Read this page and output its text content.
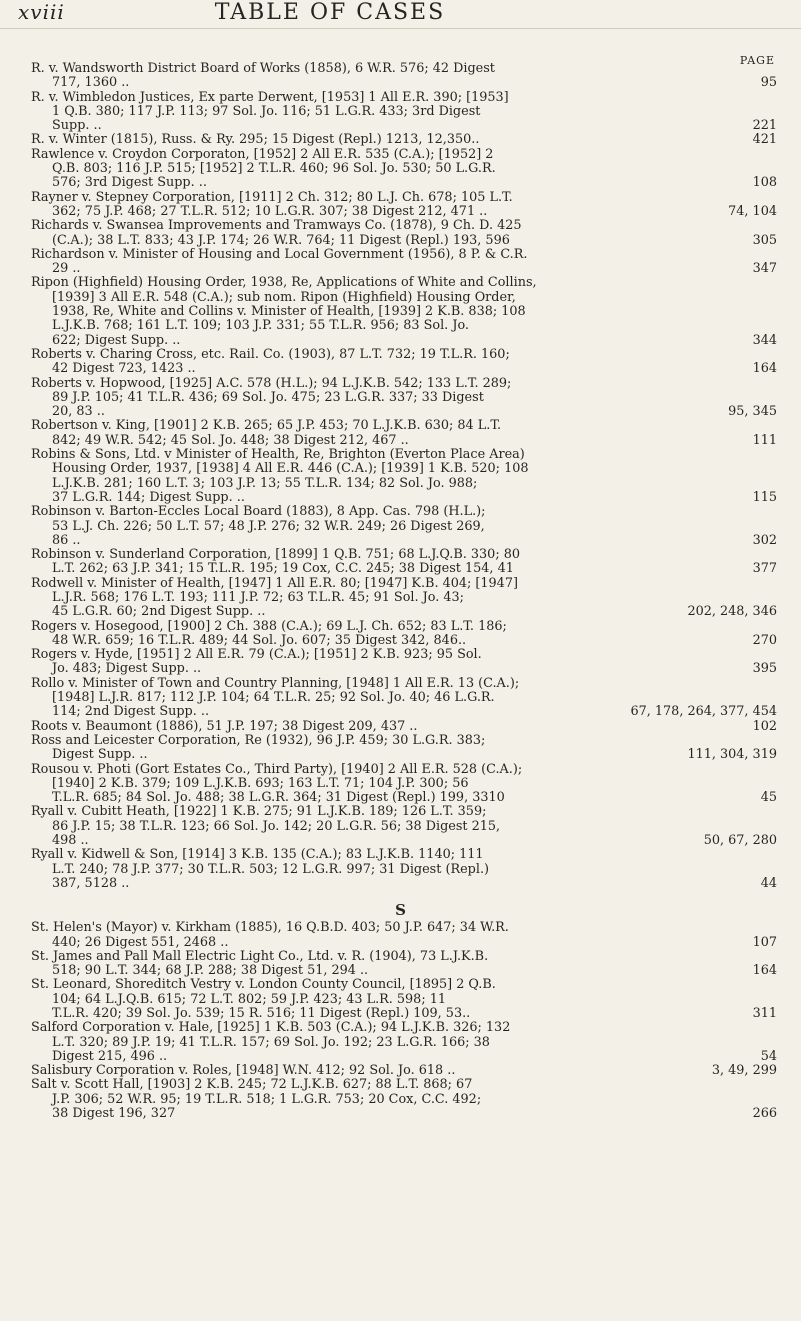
xviii	TABLE OF CASES
PAGE
R. v. Wandsworth District Board of Works (1858), 6 W.R. 576; 42 Digest
717, 1360 ..	95
R. v. Wimbledon Justices, Ex parte Derwent, [1953] 1 All E.R. 390; [1953]
1 Q.B. 380; 117 J.P. 113; 97 Sol. Jo. 116; 51 L.G.R. 433; 3rd Digest
Supp. ..	221
R. v. Winter (1815), Russ. & Ry. 295; 15 Digest (Repl.) 1213, 12,350..	421
Rawlence v. Croydon Corporaton, [1952] 2 All E.R. 535 (C.A.); [1952] 2
Q.B. 803; 116 J.P. 515; [1952] 2 T.L.R. 460; 96 Sol. Jo. 530; 50 L.G.R.
576; 3rd Digest Supp. ..	108
Rayner v. Stepney Corporation, [1911] 2 Ch. 312; 80 L.J. Ch. 678; 105 L.T.
362; 75 J.P. 468; 27 T.L.R. 512; 10 L.G.R. 307; 38 Digest 212, 471 ..	74, 104
Richards v. Swansea Improvements and Tramways Co. (1878), 9 Ch. D. 425
(C.A.); 38 L.T. 833; 43 J.P. 174; 26 W.R. 764; 11 Digest (Repl.) 193, 596	305
Richardson v. Minister of Housing and Local Government (1956), 8 P. & C.R.
29 ..	347
Ripon (Highfield) Housing Order, 1938, Re, Applications of White and Collins,
[1939] 3 All E.R. 548 (C.A.); sub nom. Ripon (Highfield) Housing Order,
1938, Re, White and Collins v. Minister of Health, [1939] 2 K.B. 838; 108
L.J.K.B. 768; 161 L.T. 109; 103 J.P. 331; 55 T.L.R. 956; 83 Sol. Jo.
622; Digest Supp. ..	344
Roberts v. Charing Cross, etc. Rail. Co. (1903), 87 L.T. 732; 19 T.L.R. 160;
42 Digest 723, 1423 ..	164
Roberts v. Hopwood, [1925] A.C. 578 (H.L.); 94 L.J.K.B. 542; 133 L.T. 289;
89 J.P. 105; 41 T.L.R. 436; 69 Sol. Jo. 475; 23 L.G.R. 337; 33 Digest
20, 83 ..	95, 345
Robertson v. King, [1901] 2 K.B. 265; 65 J.P. 453; 70 L.J.K.B. 630; 84 L.T.
842; 49 W.R. 542; 45 Sol. Jo. 448; 38 Digest 212, 467 ..	111
Robins & Sons, Ltd. v Minister of Health, Re, Brighton (Everton Place Area)
Housing Order, 1937, [1938] 4 All E.R. 446 (C.A.); [1939] 1 K.B. 520; 108
L.J.K.B. 281; 160 L.T. 3; 103 J.P. 13; 55 T.L.R. 134; 82 Sol. Jo. 988;
37 L.G.R. 144; Digest Supp. ..	115
Robinson v. Barton-Eccles Local Board (1883), 8 App. Cas. 798 (H.L.);
53 L.J. Ch. 226; 50 L.T. 57; 48 J.P. 276; 32 W.R. 249; 26 Digest 269,
86 ..	302
Robinson v. Sunderland Corporation, [1899] 1 Q.B. 751; 68 L.J.Q.B. 330; 80
L.T. 262; 63 J.P. 341; 15 T.L.R. 195; 19 Cox, C.C. 245; 38 Digest 154, 41	377
Rodwell v. Minister of Health, [1947] 1 All E.R. 80; [1947] K.B. 404; [1947]
L.J.R. 568; 176 L.T. 193; 111 J.P. 72; 63 T.L.R. 45; 91 Sol. Jo. 43;
45 L.G.R. 60; 2nd Digest Supp. ..	202, 248, 346
Rogers v. Hosegood, [1900] 2 Ch. 388 (C.A.); 69 L.J. Ch. 652; 83 L.T. 186;
48 W.R. 659; 16 T.L.R. 489; 44 Sol. Jo. 607; 35 Digest 342, 846..	270
Rogers v. Hyde, [1951] 2 All E.R. 79 (C.A.); [1951] 2 K.B. 923; 95 Sol.
Jo. 483; Digest Supp. ..	395
Rollo v. Minister of Town and Country Planning, [1948] 1 All E.R. 13 (C.A.);
[1948] L.J.R. 817; 112 J.P. 104; 64 T.L.R. 25; 92 Sol. Jo. 40; 46 L.G.R.
114; 2nd Digest Supp. ..	67, 178, 264, 377, 454
Roots v. Beaumont (1886), 51 J.P. 197; 38 Digest 209, 437 ..	102
Ross and Leicester Corporation, Re (1932), 96 J.P. 459; 30 L.G.R. 383;
Digest Supp. ..	111, 304, 319
Rousou v. Photi (Gort Estates Co., Third Party), [1940] 2 All E.R. 528 (C.A.);
[1940] 2 K.B. 379; 109 L.J.K.B. 693; 163 L.T. 71; 104 J.P. 300; 56
T.L.R. 685; 84 Sol. Jo. 488; 38 L.G.R. 364; 31 Digest (Repl.) 199, 3310	45
Ryall v. Cubitt Heath, [1922] 1 K.B. 275; 91 L.J.K.B. 189; 126 L.T. 359;
86 J.P. 15; 38 T.L.R. 123; 66 Sol. Jo. 142; 20 L.G.R. 56; 38 Digest 215,
498 ..	50, 67, 280
Ryall v. Kidwell & Son, [1914] 3 K.B. 135 (C.A.); 83 L.J.K.B. 1140; 111
L.T. 240; 78 J.P. 377; 30 T.L.R. 503; 12 L.G.R. 997; 31 Digest (Repl.)
387, 5128 ..	44
S
St. Helen's (Mayor) v. Kirkham (1885), 16 Q.B.D. 403; 50 J.P. 647; 34 W.R.
440; 26 Digest 551, 2468 ..	107
St. James and Pall Mall Electric Light Co., Ltd. v. R. (1904), 73 L.J.K.B.
518; 90 L.T. 344; 68 J.P. 288; 38 Digest 51, 294 ..	164
St. Leonard, Shoreditch Vestry v. London County Council, [1895] 2 Q.B.
104; 64 L.J.Q.B. 615; 72 L.T. 802; 59 J.P. 423; 43 L.R. 598; 11
T.L.R. 420; 39 Sol. Jo. 539; 15 R. 516; 11 Digest (Repl.) 109, 53..	311
Salford Corporation v. Hale, [1925] 1 K.B. 503 (C.A.); 94 L.J.K.B. 326; 132
L.T. 320; 89 J.P. 19; 41 T.L.R. 157; 69 Sol. Jo. 192; 23 L.G.R. 166; 38
Digest 215, 496 ..	54
Salisbury Corporation v. Roles, [1948] W.N. 412; 92 Sol. Jo. 618 ..	3, 49, 299
Salt v. Scott Hall, [1903] 2 K.B. 245; 72 L.J.K.B. 627; 88 L.T. 868; 67
J.P. 306; 52 W.R. 95; 19 T.L.R. 518; 1 L.G.R. 753; 20 Cox, C.C. 492;
38 Digest 196, 327	266
